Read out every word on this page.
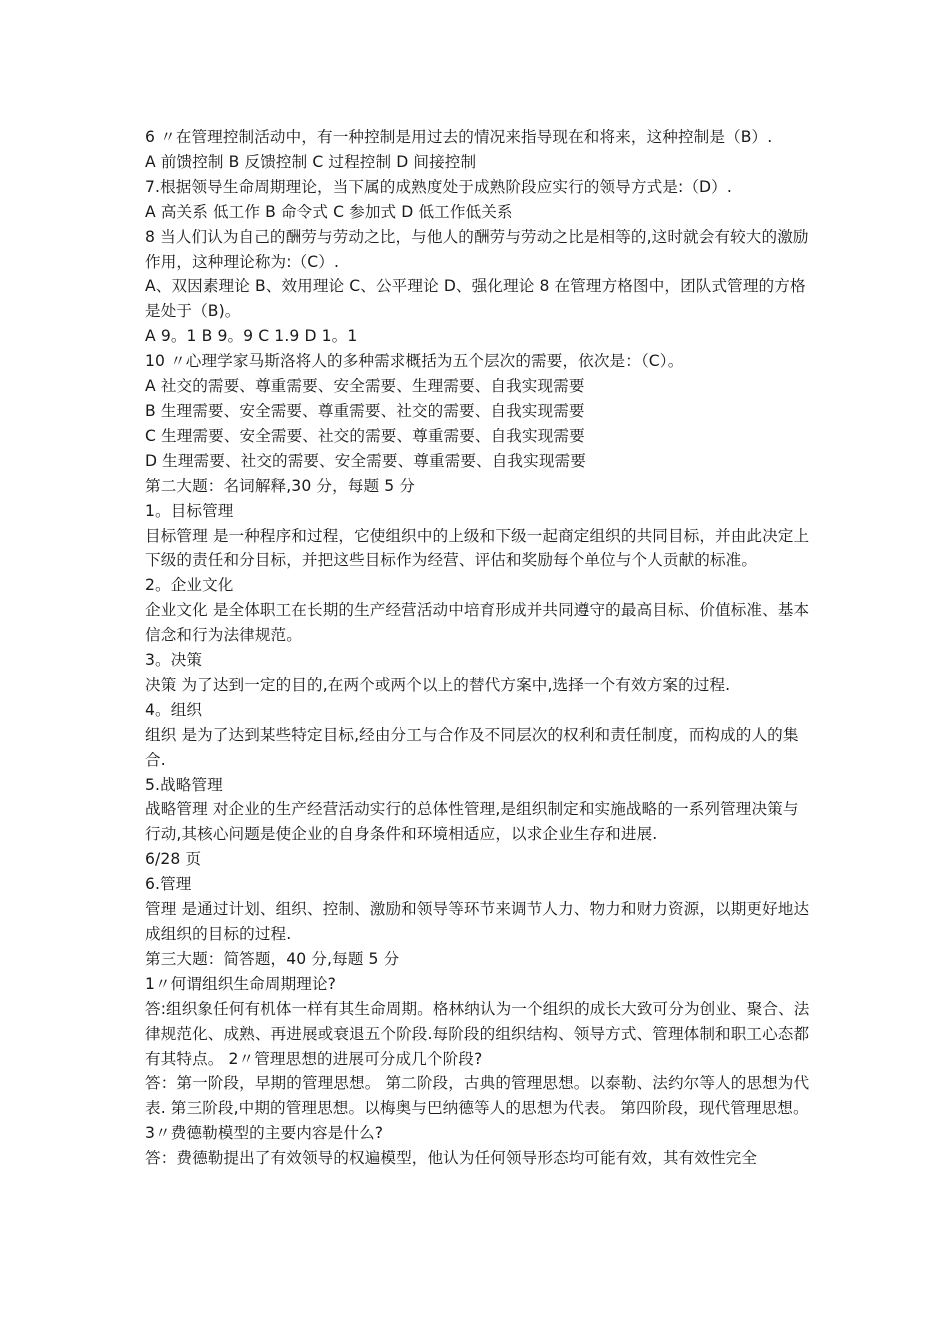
6 〃在管理控制活动中，有一种控制是用过去的情况来指导现在和将来，这种控制是（B）.

A 前馈控制 B 反馈控制 C 过程控制 D 间接控制

7.根据领导生命周期理论，当下属的成熟度处于成熟阶段应实行的领导方式是:（D）.

A 高关系 低工作 B 命令式 C 参加式 D 低工作低关系

8 当人们认为自己的酬劳与劳动之比，与他人的酬劳与劳动之比是相等的,这时就会有较大的激励作用，这种理论称为:（C）.

A、双因素理论 B、效用理论 C、公平理论 D、强化理论 8 在管理方格图中，团队式管理的方格是处于（B)。

A 9。1 B 9。9 C 1.9 D 1。1

10 〃心理学家马斯洛将人的多种需求概括为五个层次的需要，依次是：（C）。

A 社交的需要、尊重需要、安全需要、生理需要、自我实现需要

B 生理需要、安全需要、尊重需要、社交的需要、自我实现需要

C 生理需要、安全需要、社交的需要、尊重需要、自我实现需要

D 生理需要、社交的需要、安全需要、尊重需要、自我实现需要

第二大题：名词解释,30 分，每题 5 分

1。目标管理

目标管理 是一种程序和过程，它使组织中的上级和下级一起商定组织的共同目标，并由此决定上下级的责任和分目标，并把这些目标作为经营、评估和奖励每个单位与个人贡献的标准。

2。企业文化

企业文化 是全体职工在长期的生产经营活动中培育形成并共同遵守的最高目标、价值标准、基本信念和行为法律规范。

3。决策

决策 为了达到一定的目的,在两个或两个以上的替代方案中,选择一个有效方案的过程.

4。组织

组织 是为了达到某些特定目标,经由分工与合作及不同层次的权利和责任制度，而构成的人的集合.

5.战略管理

战略管理 对企业的生产经营活动实行的总体性管理,是组织制定和实施战略的一系列管理决策与行动,其核心问题是使企业的自身条件和环境相适应，以求企业生存和进展.

6/28 页

6.管理

管理 是通过计划、组织、控制、激励和领导等环节来调节人力、物力和财力资源，以期更好地达成组织的目标的过程.

第三大题：简答题，40 分,每题 5 分

1〃何谓组织生命周期理论?

答:组织象任何有机体一样有其生命周期。格林纳认为一个组织的成长大致可分为创业、聚合、法律规范化、成熟、再进展或衰退五个阶段.每阶段的组织结构、领导方式、管理体制和职工心态都有其特点。 2〃管理思想的进展可分成几个阶段?

答：第一阶段，早期的管理思想。 第二阶段，古典的管理思想。以泰勒、法约尔等人的思想为代表. 第三阶段,中期的管理思想。以梅奥与巴纳德等人的思想为代表。 第四阶段，现代管理思想。 3〃费德勒模型的主要内容是什么?

答：费德勒提出了有效领导的权遍模型，他认为任何领导形态均可能有效，其有效性完全
